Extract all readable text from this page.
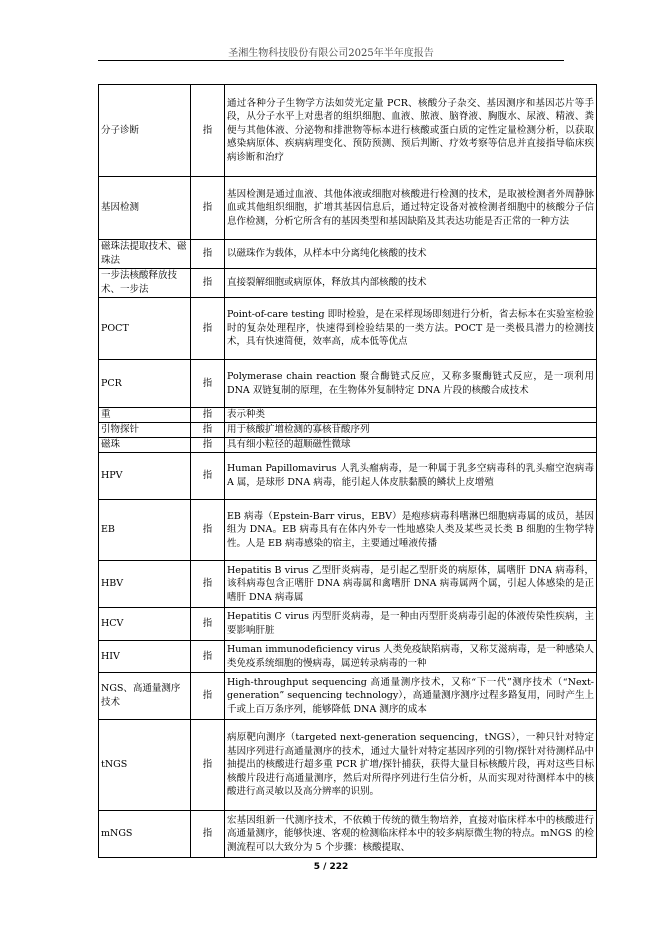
圣湘生物科技股份有限公司2025年半年度报告
分子诊断	指	通过各种分子生物学方法如荧光定量 PCR、核酸分子杂交、基因测序和基因芯片等手段，从分子水平上对患者的组织细胞、血液、脓液、脑脊液、胸腹水、尿液、精液、粪便与其他体液、分泌物和排泄物等标本进行核酸或蛋白质的定性定量检测分析，以获取感染病原体、疾病病理变化、预防预测、预后判断、疗效考察等信息并直接指导临床疾病诊断和治疗
基因检测	指	基因检测是通过血液、其他体液或细胞对核酸进行检测的技术，是取被检测者外周静脉血或其他组织细胞，扩增其基因信息后，通过特定设备对被检测者细胞中的核酸分子信息作检测，分析它所含有的基因类型和基因缺陷及其表达功能是否正常的一种方法
磁珠法提取技术、磁珠法	指	以磁珠作为载体，从样本中分离纯化核酸的技术
一步法核酸释放技术、一步法	指	直接裂解细胞或病原体，释放其内部核酸的技术
POCT	指	Point-of-care testing 即时检验，是在采样现场即刻进行分析，省去标本在实验室检验时的复杂处理程序，快速得到检验结果的一类方法。POCT 是一类极具潜力的检测技术，具有快速简便，效率高，成本低等优点
PCR	指	Polymerase chain reaction 聚合酶链式反应，又称多聚酶链式反应，是一项利用 DNA 双链复制的原理，在生物体外复制特定 DNA 片段的核酸合成技术
重	指	表示种类
引物探针	指	用于核酸扩增检测的寡核苷酸序列
磁珠	指	具有细小粒径的超顺磁性微球
HPV	指	Human Papillomavirus 人乳头瘤病毒，是一种属于乳多空病毒科的乳头瘤空泡病毒 A 属，是球形 DNA 病毒，能引起人体皮肤黏膜的鳞状上皮增殖
EB	指	EB 病毒（Epstein-Barr virus，EBV）是疱疹病毒科嗜淋巴细胞病毒属的成员，基因组为 DNA。EB 病毒具有在体内外专一性地感染人类及某些灵长类 B 细胞的生物学特性。人是 EB 病毒感染的宿主，主要通过唾液传播
HBV	指	Hepatitis B virus 乙型肝炎病毒，是引起乙型肝炎的病原体，属嗜肝 DNA 病毒科，该科病毒包含正嗜肝 DNA 病毒属和禽嗜肝 DNA 病毒属两个属，引起人体感染的是正嗜肝 DNA 病毒属
HCV	指	Hepatitis C virus 丙型肝炎病毒，是一种由丙型肝炎病毒引起的体液传染性疾病，主要影响肝脏
HIV	指	Human immunodeficiency virus 人类免疫缺陷病毒，又称艾滋病毒，是一种感染人类免疫系统细胞的慢病毒，属逆转录病毒的一种
NGS、高通量测序技术	指	High-throughput sequencing 高通量测序技术，又称“下一代”测序技术（“Next-generation” sequencing technology），高通量测序测序过程多路复用，同时产生上千或上百万条序列，能够降低 DNA 测序的成本
tNGS	指	病原靶向测序（targeted next-generation sequencing，tNGS），一种只针对特定基因序列进行高通量测序的技术，通过大量针对特定基因序列的引物/探针对待测样品中抽提出的核酸进行超多重 PCR 扩增/探针捕获，获得大量目标核酸片段，再对这些目标核酸片段进行高通量测序，然后对所得序列进行生信分析，从而实现对待测样本中的核酸进行高灵敏以及高分辨率的识别。
mNGS	指	宏基因组新一代测序技术，不依赖于传统的微生物培养，直接对临床样本中的核酸进行高通量测序，能够快速、客观的检测临床样本中的较多病原微生物的特点。mNGS 的检测流程可以大致分为 5 个步骤：核酸提取、
5 / 222
